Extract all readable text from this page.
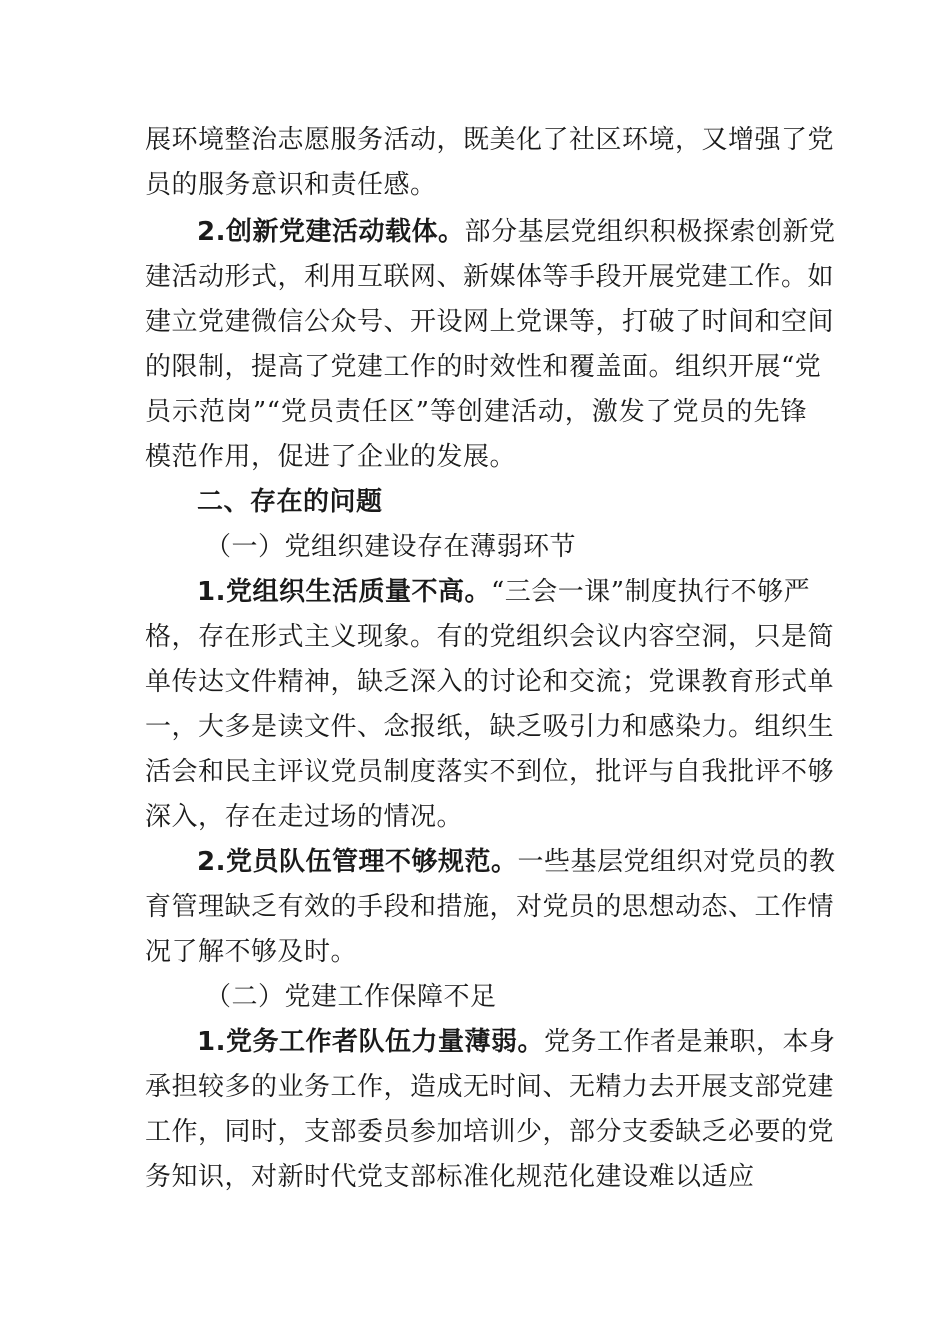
展环境整治志愿服务活动，既美化了社区环境，又增强了党
员的服务意识和责任感。
2.创新党建活动载体。部分基层党组织积极探索创新党
建活动形式，利用互联网、新媒体等手段开展党建工作。如
建立党建微信公众号、开设网上党课等，打破了时间和空间
的限制，提高了党建工作的时效性和覆盖面。组织开展“党
员示范岗”“党员责任区”等创建活动，激发了党员的先锋
模范作用，促进了企业的发展。
二、存在的问题
（一）党组织建设存在薄弱环节
1.党组织生活质量不高。“三会一课”制度执行不够严
格，存在形式主义现象。有的党组织会议内容空洞，只是简
单传达文件精神，缺乏深入的讨论和交流；党课教育形式单
一，大多是读文件、念报纸，缺乏吸引力和感染力。组织生
活会和民主评议党员制度落实不到位，批评与自我批评不够
深入，存在走过场的情况。
2.党员队伍管理不够规范。一些基层党组织对党员的教
育管理缺乏有效的手段和措施，对党员的思想动态、工作情
况了解不够及时。
（二）党建工作保障不足
1.党务工作者队伍力量薄弱。党务工作者是兼职，本身
承担较多的业务工作，造成无时间、无精力去开展支部党建
工作，同时，支部委员参加培训少，部分支委缺乏必要的党
务知识，对新时代党支部标准化规范化建设难以适应
